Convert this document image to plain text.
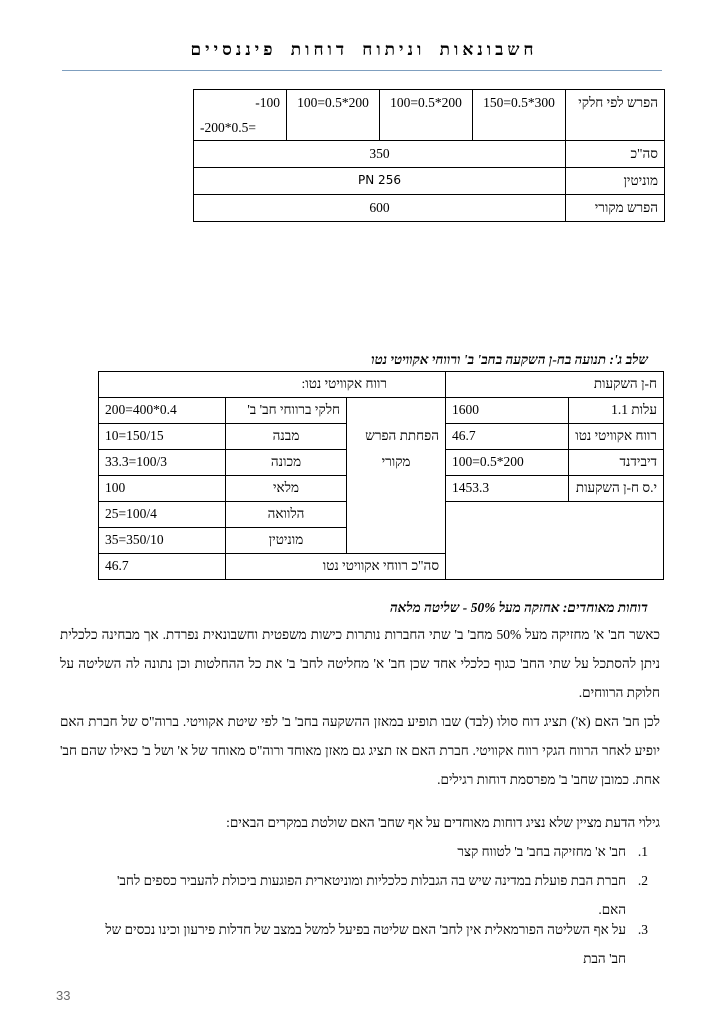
חשבונאות וניתוח דוחות פיננסיים
הפרש לפי חלקי	300*0.5=150	200*0.5=100	200*0.5=100	-100
-200*0.5=

סה"כ	350			
מוניטין	PN 256			
הפרש מקורי	600			
שלב ג': תנועה בח-ן השקעה בחב' ב' ורווחי אקוויטי נטו
ח-ן השקעות		רווח אקוויטי נטו:		
עלות 1.1	1600		חלקי ברווחי חב' ב'	0.4*400=200
רווח אקוויטי נטו	46.7	הפחתת הפרש	מבנה	150/15=10
דיבידנד	200*0.5=100	מקורי	מכונה	100/3=33.3
י.ס ח-ן השקעות	1453.3		מלאי	100
			הלוואה	100/4=25
			מוניטין	350/10=35
		סה"כ רווחי אקוויטי נטו		46.7
דוחות מאוחדים: אחזקה מעל 50% - שליטה מלאה
כאשר חב' א' מחזיקה מעל 50% מחב' ב' שתי החברות נותרות כישות משפטית וחשבונאית נפרדת. אך מבחינה כלכלית ניתן להסתכל על שתי החב' כגוף כלכלי אחד שכן חב' א' מחליטה לחב' ב' את כל ההחלטות וכן נתונה לה השליטה על חלוקת הרווחים.
לכן חב' האם (א') תציג דוח סולו (לבד) שבו תופיע במאזן ההשקעה בחב' ב' לפי שיטת אקוויטי. ברוה"ס של חברת האם יופיע לאחר הרווח הגקי רווח אקוויטי. חברת האם אז תציג גם מאזן מאוחד ורוה"ס מאוחד של א' ושל ב' כאילו שהם חב' אחת. כמובן שחב' ב' מפרסמת דוחות רגילים.
גילוי הדעת מציין שלא נציג דוחות מאוחדים על אף שחב' האם שולטת במקרים הבאים:
1.
חב' א' מחזיקה בחב' ב' לטווח קצר
2.
חברת הבת פועלת במדינה שיש בה הגבלות כלכליות ומוניטארית הפוגעות ביכולת להעביר כספים לחב' האם.
3.
על אף השליטה הפורמאלית אין לחב' האם שליטה בפיעל למשל במצב של חדלות פירעון וכינו נכסים של חב' הבת
33
